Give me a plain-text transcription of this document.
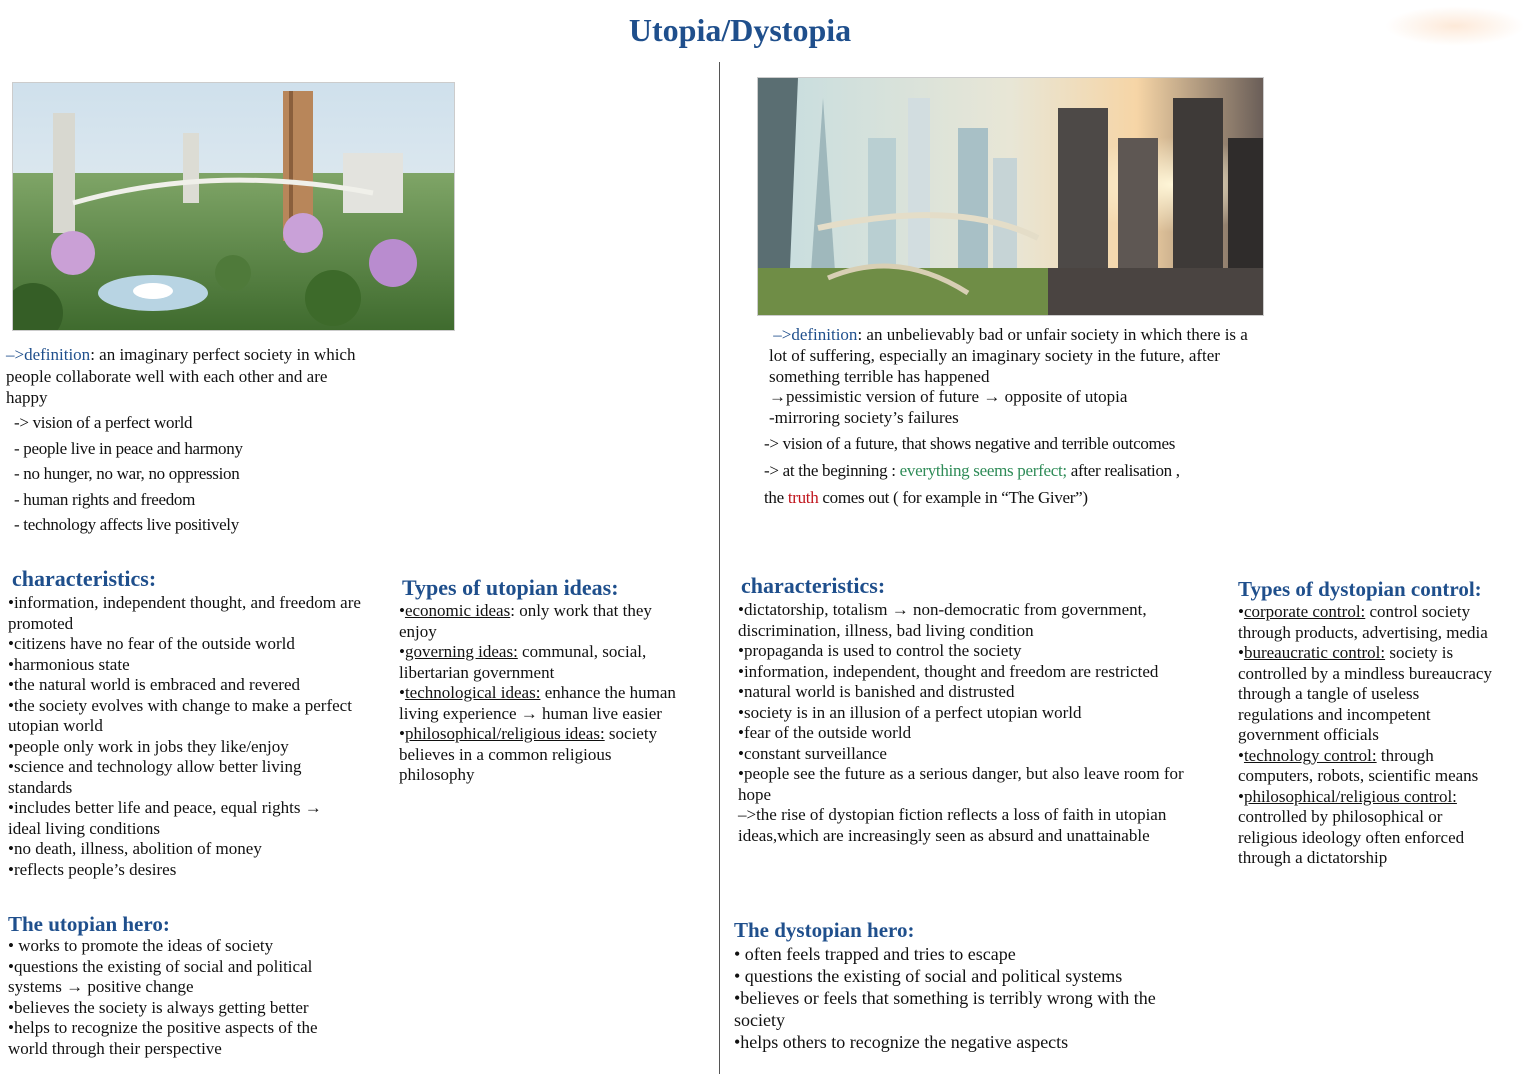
Utopia/Dystopia
–>definition: an imaginary perfect society in which people collaborate well with each other and are happy
-> vision of a perfect world
- people live in peace and harmony
- no hunger, no war, no oppression
- human rights and freedom
- technology affects live positively
characteristics:
•information, independent thought, and freedom are promoted
•citizens have no fear of the outside world
•harmonious state
•the natural world is embraced and revered
•the society evolves with change to make a perfect utopian world
•people only work in jobs they like/enjoy
•science and technology allow better living standards
•includes better life and peace, equal rights → ideal living conditions
•no death, illness, abolition of money
•reflects people’s desires
Types of utopian ideas:
•economic ideas: only work that they enjoy
•governing ideas: communal, social, libertarian government
•technological ideas: enhance the human living experience → human live easier
•philosophical/religious ideas: society believes in a common religious philosophy
The utopian hero:
• works to promote the ideas of society
•questions the existing of social and political systems → positive change
•believes the society is always getting better
•helps to recognize the positive aspects of the world through their perspective
–>definition: an unbelievably bad or unfair society in which there is a lot of suffering, especially an imaginary society in the future, after something terrible has happened
→pessimistic version of future → opposite of utopia
-mirroring society’s failures
-> vision of a future, that shows negative and terrible outcomes
-> at the beginning : everything seems perfect; after realisation ,
the truth comes out ( for example in “The Giver”)
characteristics:
•dictatorship, totalism → non-democratic from government, discrimination, illness, bad living condition
•propaganda is used to control the society
•information, independent, thought and freedom are restricted
•natural world is banished and distrusted
•society is in an illusion of a perfect utopian world
•fear of the outside world
•constant surveillance
•people see the future as a serious danger, but also leave room for hope
–>the rise of dystopian fiction reflects a loss of faith in utopian ideas,which are increasingly seen as absurd and unattainable
Types of dystopian control:
•corporate control: control society through products, advertising, media
•bureaucratic control: society is controlled by a mindless bureaucracy through a tangle of useless regulations and incompetent government officials
•technology control: through computers, robots, scientific means
•philosophical/religious control: controlled by philosophical or religious ideology often enforced through a dictatorship
The dystopian hero:
• often feels trapped and tries to escape
• questions the existing of social and political systems
•believes or feels that something is terribly wrong with the society
•helps others to recognize the negative aspects
